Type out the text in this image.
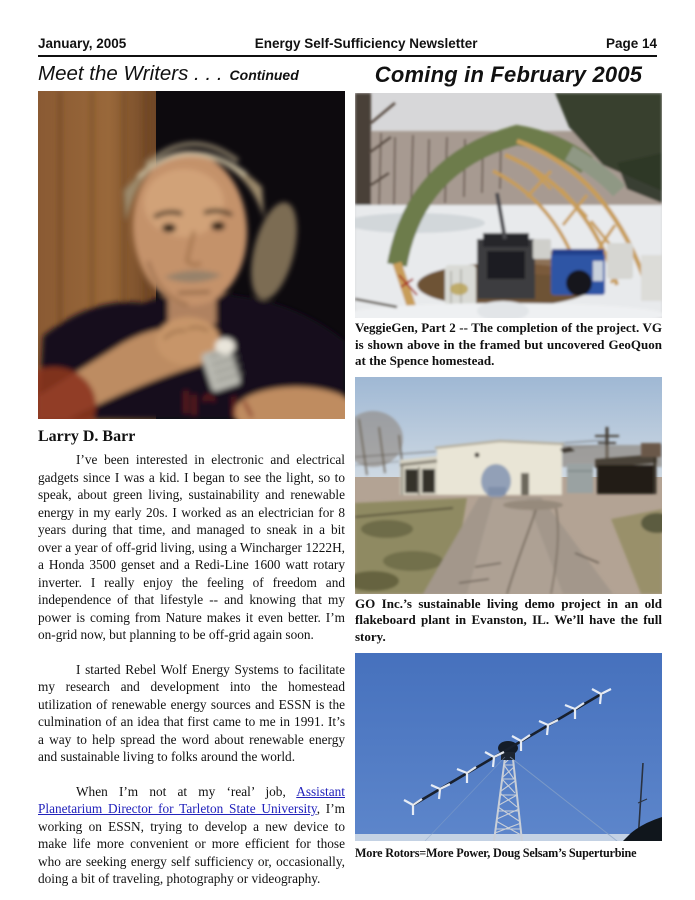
January, 2005	Energy Self-Sufficiency Newsletter	Page 14
Meet the Writers . . . Continued
Larry D. Barr

I’ve been interested in electronic and electrical gadgets since I was a kid. I began to see the light, so to speak, about green living, sustainability and renewable energy in my early 20s. I worked as an electrician for 8 years during that time, and managed to sneak in a bit over a year of off-grid living, using a Wincharger 1222H, a Honda 3500 genset and a Redi-Line 1600 watt rotary inverter. I really enjoy the feeling of freedom and independence of that lifestyle -- and knowing that my power is coming from Nature makes it even better. I’m on-grid now, but planning to be off-grid again soon.

I started Rebel Wolf Energy Systems to facilitate my research and development into the homestead utilization of renewable energy sources and ESSN is the culmination of an idea that first came to me in 1991. It’s a way to help spread the word about renewable energy and sustainable living to folks around the world.

When I’m not at my ‘real’ job, Assistant Planetarium Director for Tarleton State University, I’m working on ESSN, trying to develop a new device to make life more convenient or more efficient for those who are seeking energy self sufficiency or, occasionally, doing a bit of traveling, photography or videography.

Coming in February 2005
VeggieGen, Part 2 -- The completion of the project. VG is shown above in the framed but uncovered GeoQuon at the Spence homestead.
GO Inc.’s sustainable living demo project in an old flakeboard plant in Evanston, IL. We’ll have the full story.
More Rotors=More Power, Doug Selsam’s Superturbine
